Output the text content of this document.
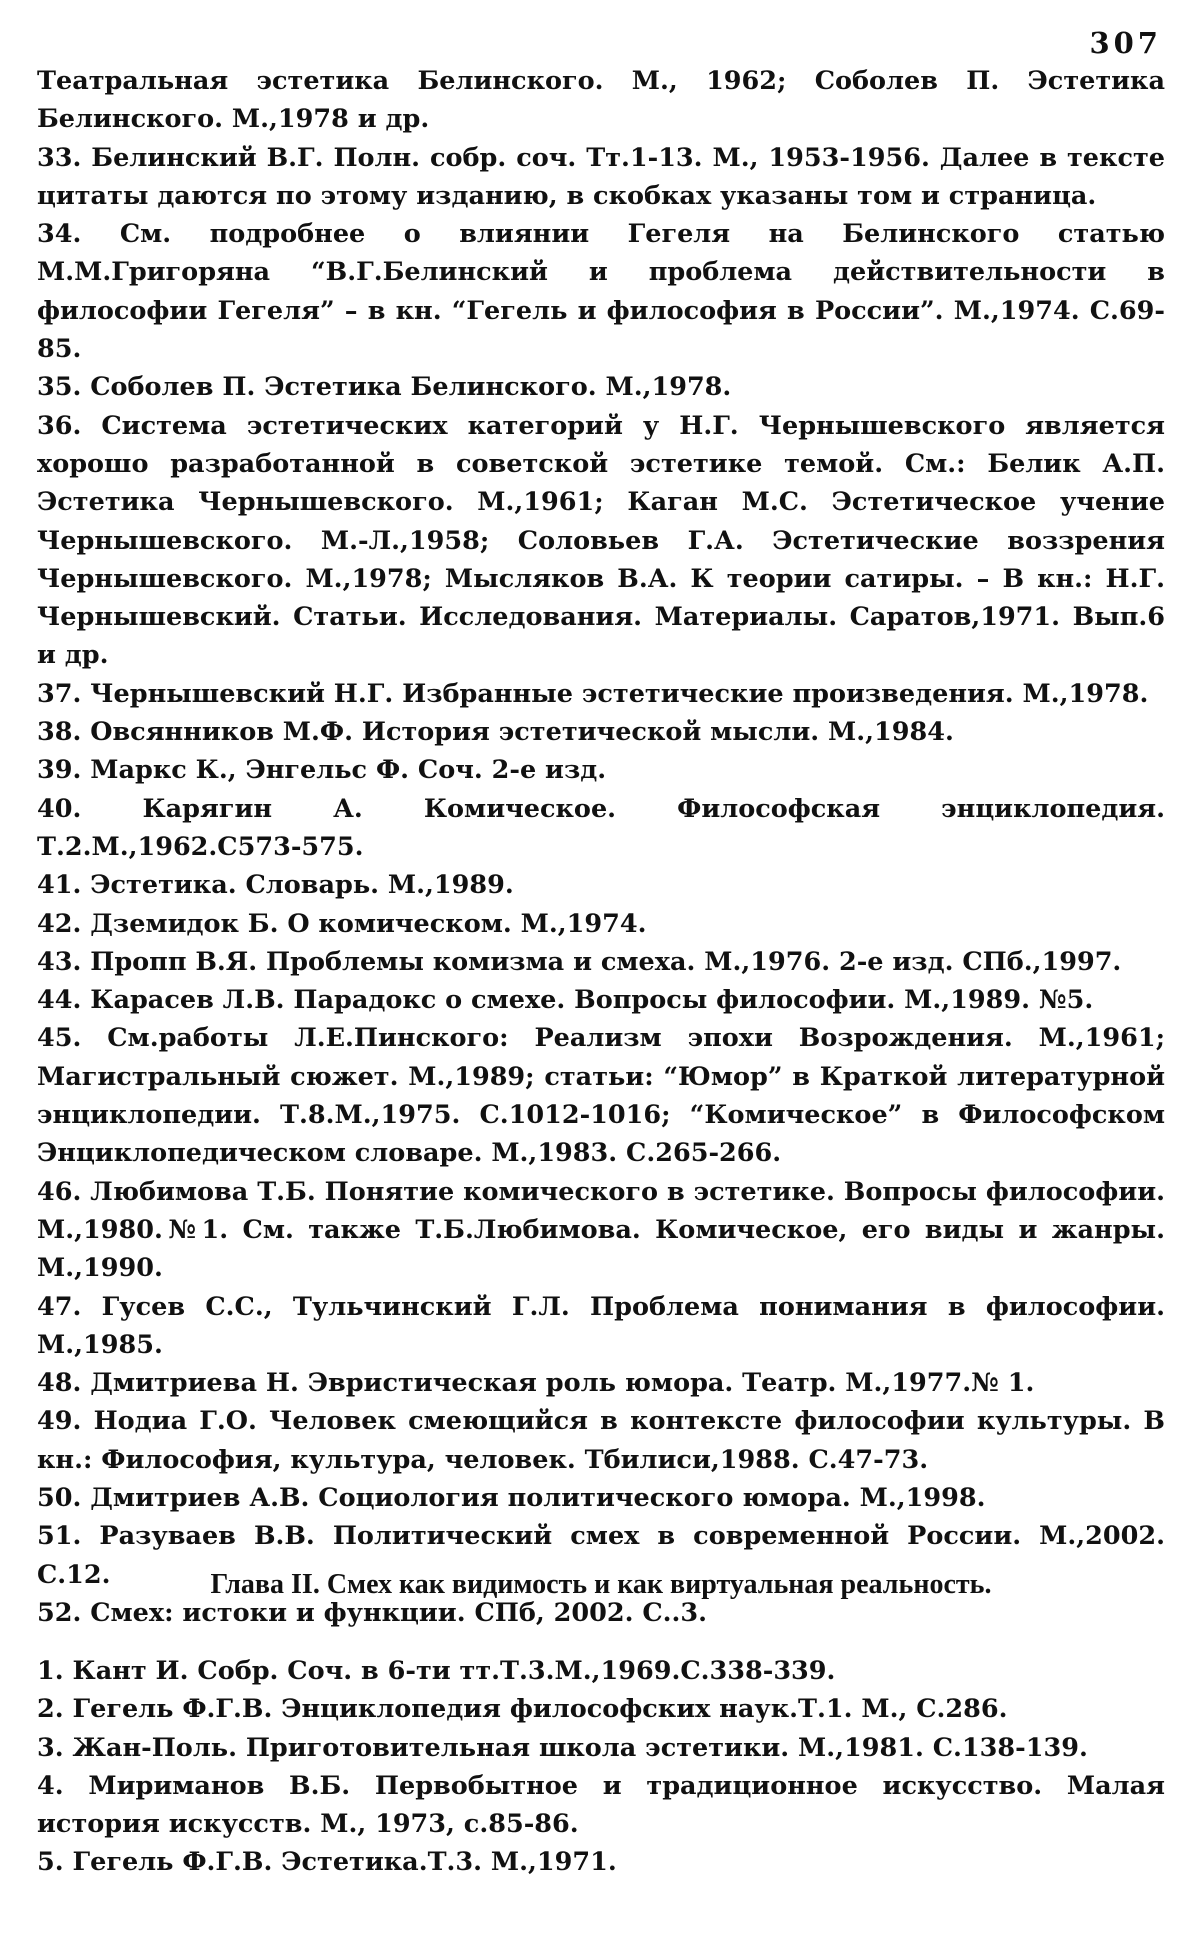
307

Театральная эстетика Белинского. М., 1962; Соболев П. Эстетика Белинского. М.,1978 и др.

33. Белинский В.Г. Полн. собр. соч. Тт.1-13. М., 1953-1956. Далее в тексте цитаты даются по этому изданию, в скобках указаны том и страница.

34. См. подробнее о влиянии Гегеля на Белинского статью М.М.Григоряна “В.Г.Белинский и проблема действительности в философии Гегеля” – в кн. “Гегель и философия в России”. М.,1974. С.69-85.

35. Соболев П. Эстетика Белинского. М.,1978.

36. Система эстетических категорий у Н.Г. Чернышевского является хорошо разработанной в советской эстетике темой. См.: Белик А.П. Эстетика Чернышевского. М.,1961; Каган М.С. Эстетическое учение Чернышевского. М.-Л.,1958; Соловьев Г.А. Эстетические воззрения Чернышевского. М.,1978; Мысляков В.А. К теории сатиры. – В кн.: Н.Г. Чернышевский. Статьи. Исследования. Материалы. Саратов,1971. Вып.6 и др.

37. Чернышевский Н.Г. Избранные эстетические произведения. М.,1978.

38. Овсянников М.Ф. История эстетической мысли. М.,1984.

39. Маркс К., Энгельс Ф. Соч. 2-е изд.

40. Карягин А. Комическое. Философская энциклопедия. Т.2.М.,1962.С573-575.

41. Эстетика. Словарь. М.,1989.

42. Дземидок Б. О комическом. М.,1974.

43. Пропп В.Я. Проблемы комизма и смеха. М.,1976. 2-е изд. СПб.,1997.

44. Карасев Л.В. Парадокс о смехе. Вопросы философии. М.,1989. №5.

45. См.работы Л.Е.Пинского: Реализм эпохи Возрождения. М.,1961; Магистральный сюжет. М.,1989; статьи: “Юмор” в Краткой литературной энциклопедии. Т.8.М.,1975. С.1012-1016; “Комическое” в Философском Энциклопедическом словаре. М.,1983. С.265-266.

46. Любимова Т.Б. Понятие комического в эстетике. Вопросы философии. М.,1980.№1. См. также Т.Б.Любимова. Комическое, его виды и жанры. М.,1990.

47. Гусев С.С., Тульчинский Г.Л. Проблема понимания в философии. М.,1985.

48. Дмитриева Н. Эвристическая роль юмора. Театр. М.,1977.№ 1.

49. Нодиа Г.О. Человек смеющийся в контексте философии культуры. В кн.: Философия, культура, человек. Тбилиси,1988. С.47-73.

50. Дмитриев А.В. Социология политического юмора. М.,1998.

51. Разуваев В.В. Политический смех в современной России. М.,2002. С.12.

52. Смех: истоки и функции. СПб, 2002. С..3.

Глава II. Смех как видимость и как виртуальная реальность.

1. Кант И. Собр. Соч. в 6-ти тт.Т.3.М.,1969.С.338-339.

2. Гегель Ф.Г.В. Энциклопедия философских наук.Т.1. М., С.286.

3. Жан-Поль. Приготовительная школа эстетики. М.,1981. С.138-139.

4. Мириманов В.Б. Первобытное и традиционное искусство. Малая история искусств. М., 1973, с.85-86.

5. Гегель Ф.Г.В. Эстетика.Т.3. М.,1971.
